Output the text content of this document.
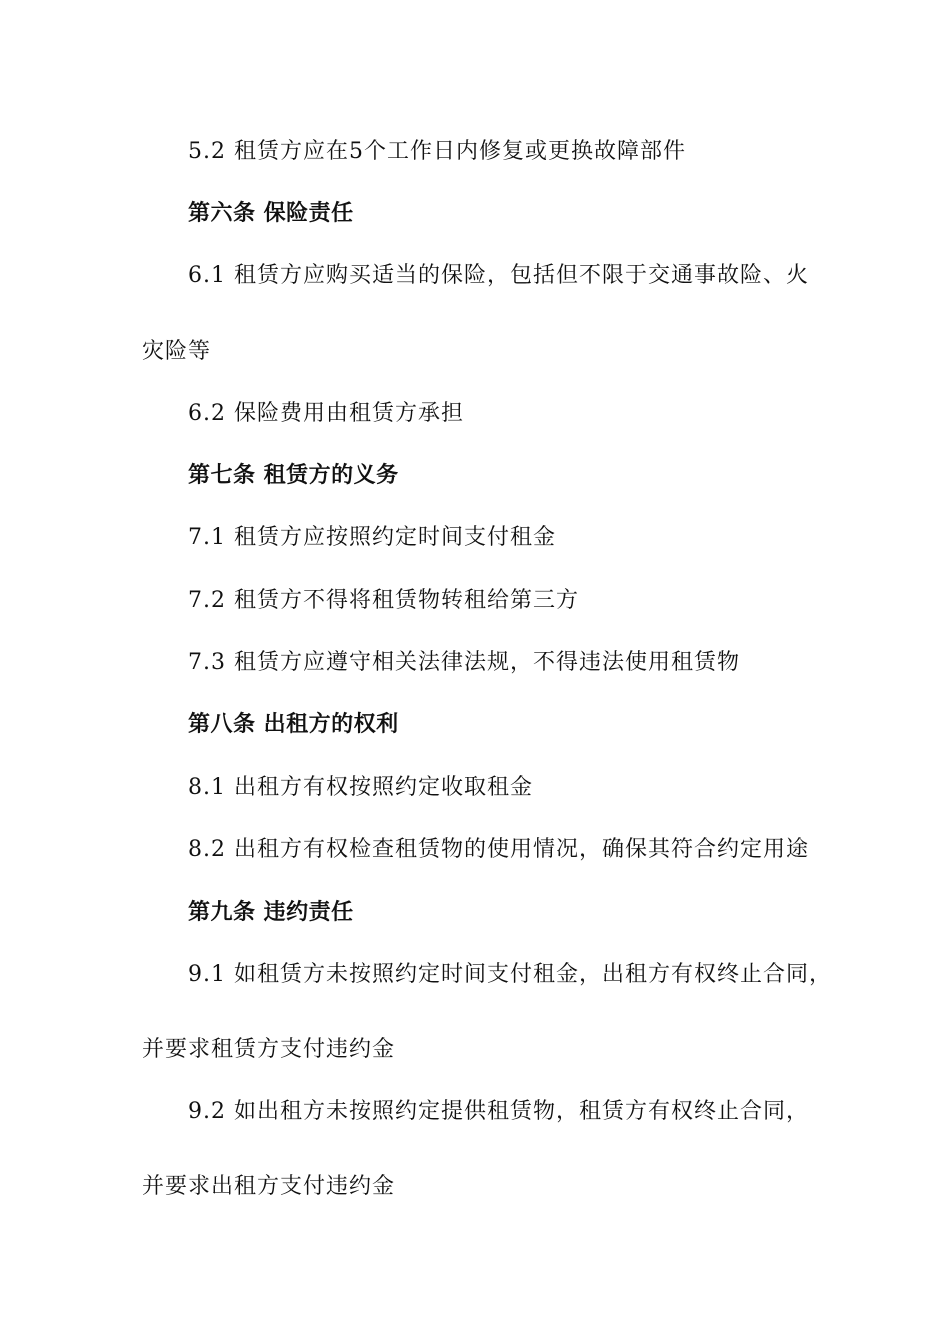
5.2 租赁方应在5个工作日内修复或更换故障部件
第六条 保险责任
6.1 租赁方应购买适当的保险，包括但不限于交通事故险、火
灾险等
6.2 保险费用由租赁方承担
第七条 租赁方的义务
7.1 租赁方应按照约定时间支付租金
7.2 租赁方不得将租赁物转租给第三方
7.3 租赁方应遵守相关法律法规，不得违法使用租赁物
第八条 出租方的权利
8.1 出租方有权按照约定收取租金
8.2 出租方有权检查租赁物的使用情况，确保其符合约定用途
第九条 违约责任
9.1 如租赁方未按照约定时间支付租金，出租方有权终止合同，
并要求租赁方支付违约金
9.2 如出租方未按照约定提供租赁物，租赁方有权终止合同，
并要求出租方支付违约金
